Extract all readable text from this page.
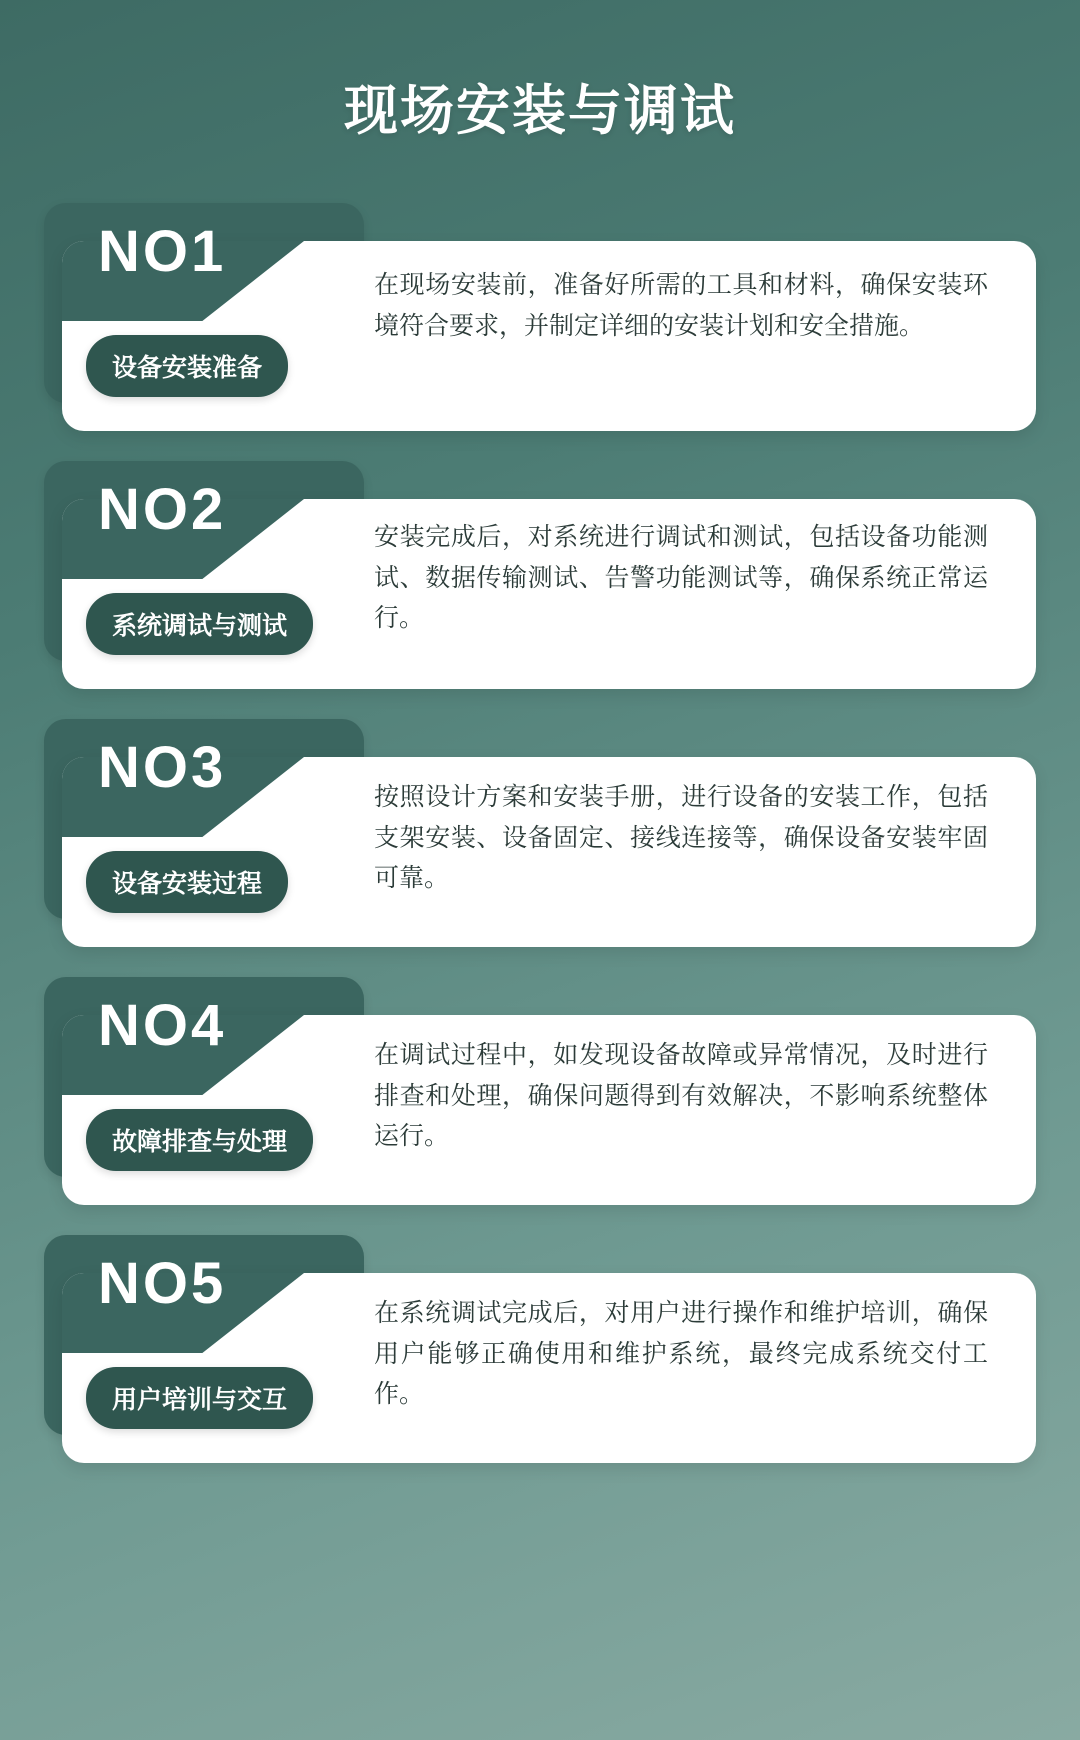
现场安装与调试
NO1
设备安装准备
在现场安装前，准备好所需的工具和材料，确保安装环境符合要求，并制定详细的安装计划和安全措施。
NO2
系统调试与测试
安装完成后，对系统进行调试和测试，包括设备功能测试、数据传输测试、告警功能测试等，确保系统正常运行。
NO3
设备安装过程
按照设计方案和安装手册，进行设备的安装工作，包括支架安装、设备固定、接线连接等，确保设备安装牢固可靠。
NO4
故障排查与处理
在调试过程中，如发现设备故障或异常情况，及时进行排查和处理，确保问题得到有效解决，不影响系统整体运行。
NO5
用户培训与交互
在系统调试完成后，对用户进行操作和维护培训，确保用户能够正确使用和维护系统，最终完成系统交付工作。
